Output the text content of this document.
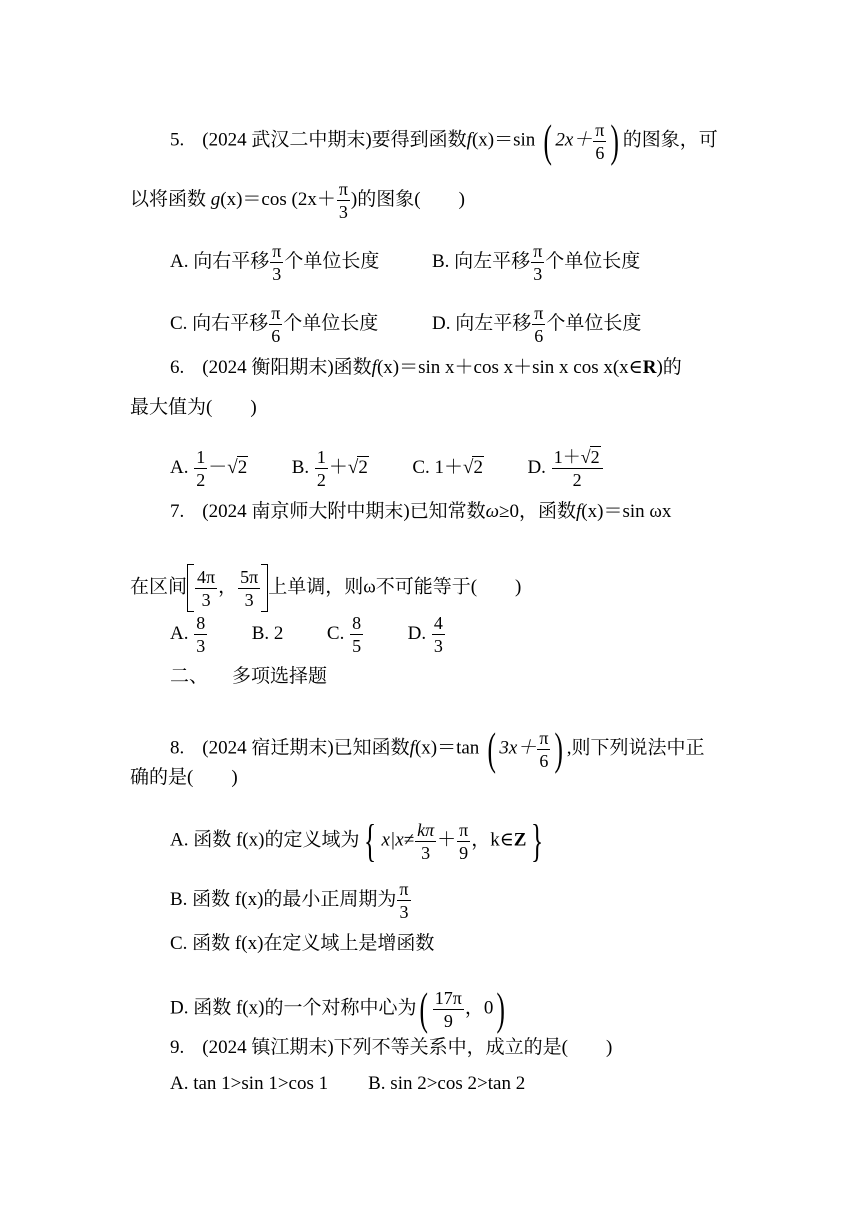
5. (2024 武汉二中期末)要得到函数f(x)＝sin ( $2x+ \frac{\pi}{6}$ ) 的图象，可
以将函数 g(x)＝cos ($2x+ \frac{\pi}{3}$ )的图象(　　)
A. 向右平移 $\frac{\pi}{3}$ 个单位长度	B. 向左平移 $\frac{\pi}{3}$ 个单位长度
C. 向右平移 $\frac{\pi}{6}$ 个单位长度	D. 向左平移 $\frac{\pi}{6}$ 个单位长度
6. (2024 衡阳期末)函数f(x)＝sin x＋cos x＋sin x cos x(x∈R)的
最大值为(　　)
A. $\frac{1}{2} -√2$ B. $\frac{1}{2} +√2$ C. 1＋√2 D. $\frac{1+√2}{2}$
7. (2024 南京师大附中期末)已知常数ω≥0，函数f(x)＝sin ωx
在区间 $\frac{4\pi}{3}$ ， $\frac{5\pi}{3}$ 上单调，则ω不可能等于(　　)
A. $\frac{8}{3} B$. 2 C. $\frac{8}{5} D$. $\frac{4}{3}$
二、 多项选择题
8. (2024 宿迁期末)已知函数f(x)＝tan ( $3x+ \frac{\pi}{6}$ ) ,则下列说法中正
确的是(　　)
A. 函数 f(x)的定义域为 { $x|x\ne \frac{k\pi}{3} + \frac{\pi}{9}$ ，k∈Z }
B. 函数 f(x)的最小正周期为 $\frac{\pi}{3}$
C. 函数 f(x)在定义域上是增函数
D. 函数 f(x)的一个对称中心为( $\frac{17\pi}{9}$ ，0)
9. (2024 镇江期末)下列不等关系中，成立的是(　　)
A. tan 1>sin 1>cos 1 B. sin 2>cos 2>tan 2
